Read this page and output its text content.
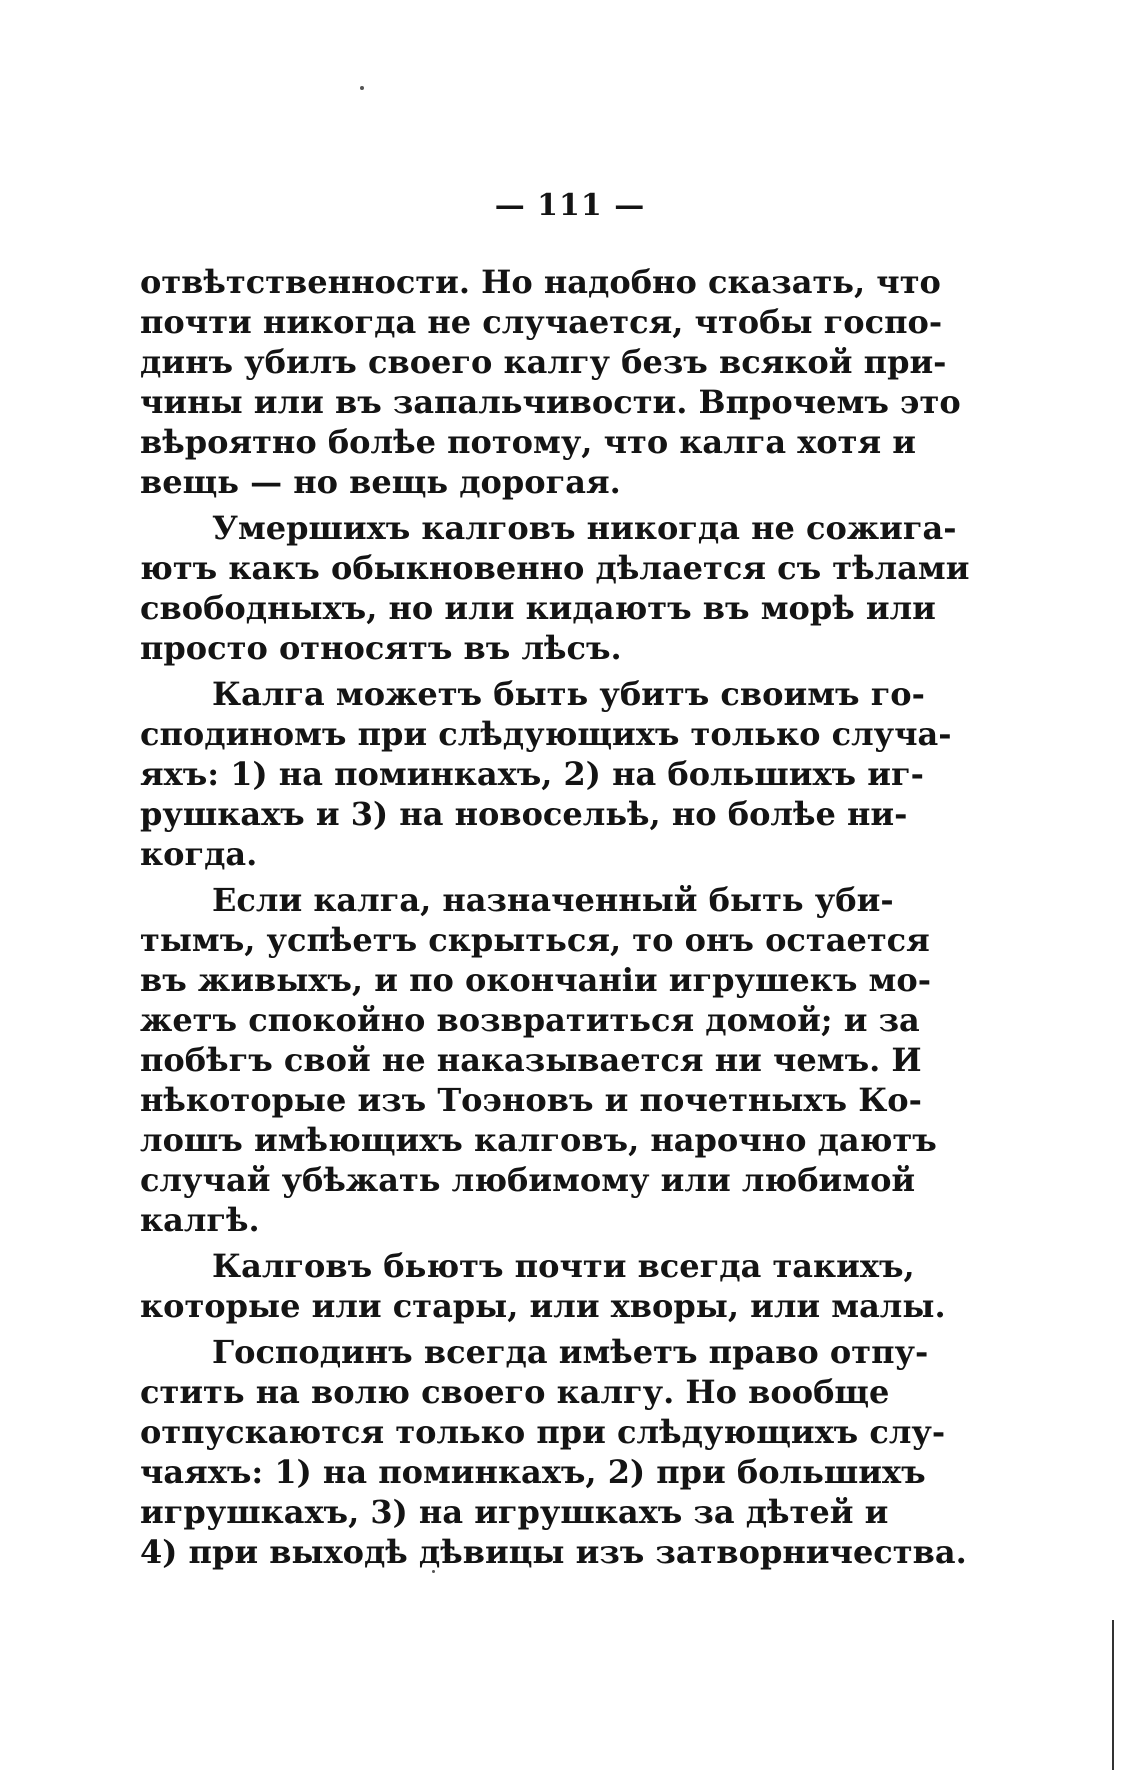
— 111 —
отвѣтственности. Но надобно сказать, что
почти никогда не случается, чтобы госпо-
динъ убилъ своего калгу безъ всякой при-
чины или въ запальчивости. Впрочемъ это
вѣроятно болѣе потому, что калга хотя и
вещь — но вещь дорогая.
Умершихъ калговъ никогда не сожига-
ютъ какъ обыкновенно дѣлается съ тѣлами
свободныхъ, но или кидаютъ въ морѣ или
просто относятъ въ лѣсъ.
Калга можетъ быть убитъ своимъ го-
сподиномъ при слѣдующихъ только случа-
яхъ: 1) на поминкахъ, 2) на большихъ иг-
рушкахъ и 3) на новосельѣ, но болѣе ни-
когда.
Если калга, назначенный быть уби-
тымъ, успѣетъ скрыться, то онъ остается
въ живыхъ, и по окончаніи игрушекъ мо-
жетъ спокойно возвратиться домой; и за
побѣгъ свой не наказывается ни чемъ. И
нѣкоторые изъ Тоэновъ и почетныхъ Ко-
лошъ имѣющихъ калговъ, нарочно даютъ
случай убѣжать любимому или любимой
калгѣ.
Калговъ бьютъ почти всегда такихъ,
которые или стары, или хворы, или малы.
Господинъ всегда имѣетъ право отпу-
стить на волю своего калгу. Но вообще
отпускаются только при слѣдующихъ слу-
чаяхъ: 1) на поминкахъ, 2) при большихъ
игрушкахъ, 3) на игрушкахъ за дѣтей и
4) при выходѣ дѣвицы изъ затворничества.
